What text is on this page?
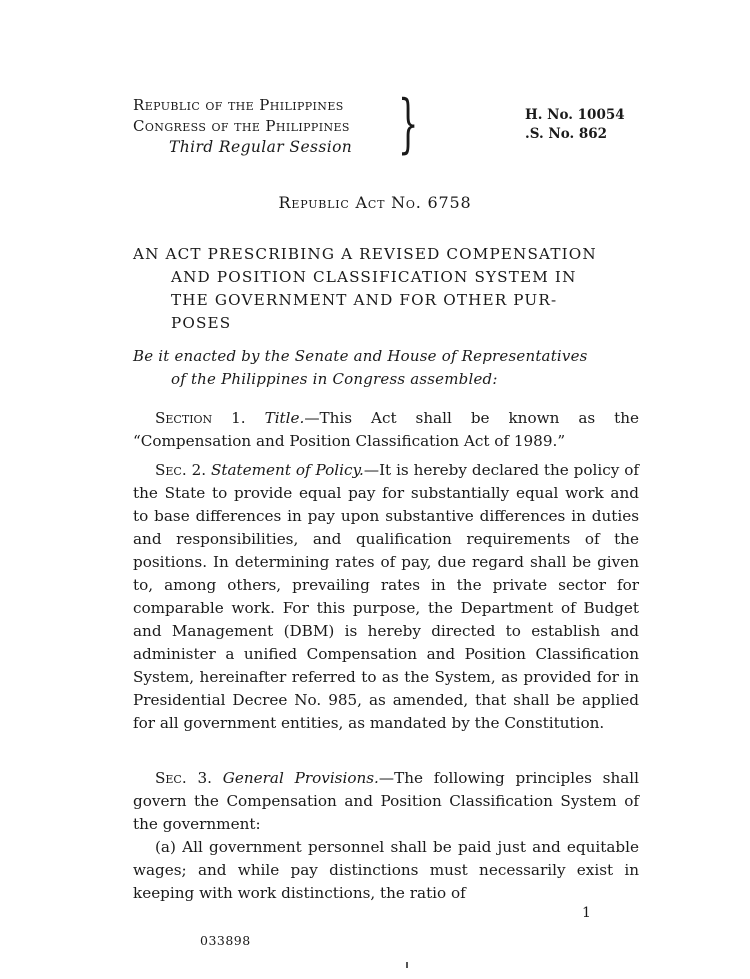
Republic of the Philippines
Congress of the Philippines
Third Regular Session }	H. No. 10054
.S. No. 862
Republic Act No. 6758
AN ACT PRESCRIBING A REVISED COMPENSATION
AND POSITION CLASSIFICATION SYSTEM IN
THE GOVERNMENT AND FOR OTHER PUR-
POSES
Be it enacted by the Senate and House of Representatives
of the Philippines in Congress assembled:

Section 1. Title.—This Act shall be known as the “Compensation and Position Classification Act of 1989.”

Sec. 2. Statement of Policy.—It is hereby declared the policy of the State to provide equal pay for substantially equal work and to base differences in pay upon substantive differences in duties and responsibilities, and qualification requirements of the positions. In determining rates of pay, due regard shall be given to, among others, prevailing rates in the private sector for comparable work. For this purpose, the Department of Budget and Management (DBM) is hereby directed to establish and administer a unified Compensation and Position Classification System, hereinafter referred to as the System, as provided for in Presidential Decree No. 985, as amended, that shall be applied for all government entities, as mandated by the Constitution.

Sec. 3. General Provisions.—The following principles shall govern the Compensation and Position Classification System of the government:

(a) All government personnel shall be paid just and equitable wages; and while pay distinctions must necessarily exist in keeping with work distinctions, the ratio of

1
033898
